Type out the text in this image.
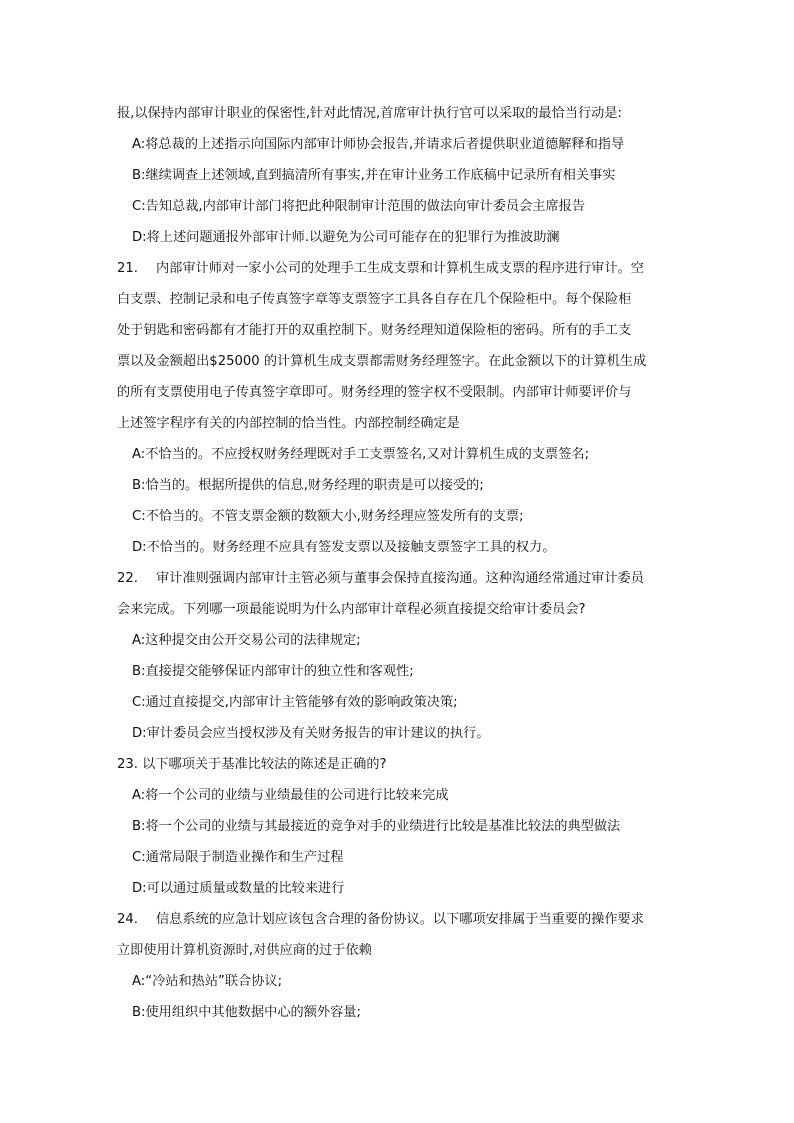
报,以保持内部审计职业的保密性,针对此情况,首席审计执行官可以采取的最恰当行动是:
A:将总裁的上述指示向国际内部审计师协会报告,并请求后者提供职业道德解释和指导
B:继续调查上述领域,直到搞清所有事实,并在审计业务工作底稿中记录所有相关事实
C:告知总裁,内部审计部门将把此种限制审计范围的做法向审计委员会主席报告
D:将上述问题通报外部审计师.以避免为公司可能存在的犯罪行为推波助澜
21. 内部审计师对一家小公司的处理手工生成支票和计算机生成支票的程序进行审计。空
白支票、控制记录和电子传真签字章等支票签字工具各自存在几个保险柜中。每个保险柜
处于钥匙和密码都有才能打开的双重控制下。财务经理知道保险柜的密码。所有的手工支
票以及金额超出$25000 的计算机生成支票都需财务经理签字。在此金额以下的计算机生成
的所有支票使用电子传真签字章即可。财务经理的签字权不受限制。内部审计师要评价与
上述签字程序有关的内部控制的恰当性。内部控制经确定是
A:不恰当的。不应授权财务经理既对手工支票签名,又对计算机生成的支票签名;
B:恰当的。根据所提供的信息,财务经理的职责是可以接受的;
C:不恰当的。不管支票金额的数额大小,财务经理应签发所有的支票;
D:不恰当的。财务经理不应具有签发支票以及接触支票签字工具的权力。
22. 审计准则强调内部审计主管必须与董事会保持直接沟通。这种沟通经常通过审计委员
会来完成。下列哪一项最能说明为什么内部审计章程必须直接提交给审计委员会?
A:这种提交由公开交易公司的法律规定;
B:直接提交能够保证内部审计的独立性和客观性;
C:通过直接提交,内部审计主管能够有效的影响政策决策;
D:审计委员会应当授权涉及有关财务报告的审计建议的执行。
23. 以下哪项关于基准比较法的陈述是正确的?
A:将一个公司的业绩与业绩最佳的公司进行比较来完成
B:将一个公司的业绩与其最接近的竞争对手的业绩进行比较是基准比较法的典型做法
C:通常局限于制造业操作和生产过程
D:可以通过质量或数量的比较来进行
24. 信息系统的应急计划应该包含合理的备份协议。以下哪项安排属于当重要的操作要求
立即使用计算机资源时,对供应商的过于依赖
A:“冷站和热站”联合协议;
B:使用组织中其他数据中心的额外容量;
